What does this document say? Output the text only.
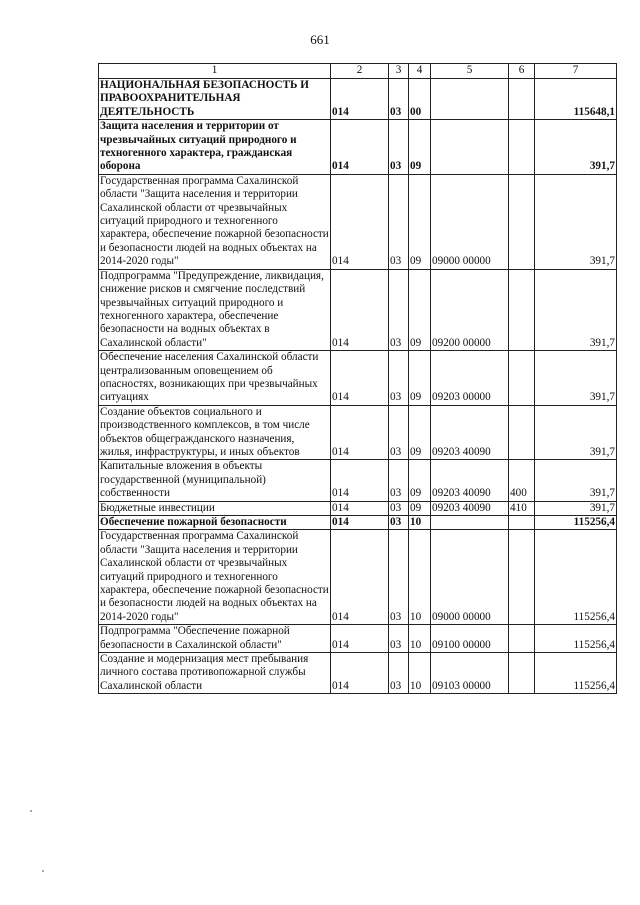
661
1	2	3	4	5	6	7
НАЦИОНАЛЬНАЯ БЕЗОПАСНОСТЬ И ПРАВООХРАНИТЕЛЬНАЯ ДЕЯТЕЛЬНОСТЬ	014	03	00			115648,1
Защита населения и территории от чрезвычайных ситуаций природного и техногенного характера, гражданская оборона	014	03	09			391,7
Государственная программа Сахалинской области "Защита населения и территории Сахалинской области от чрезвычайных ситуаций природного и техногенного характера, обеспечение пожарной безопасности и безопасности людей на водных объектах на 2014-2020 годы"	014	03	09	09000 00000		391,7
Подпрограмма "Предупреждение, ликвидация, снижение рисков и смягчение последствий чрезвычайных ситуаций природного и техногенного характера, обеспечение безопасности на водных объектах в Сахалинской области"	014	03	09	09200 00000		391,7
Обеспечение населения Сахалинской области централизованным оповещением об опасностях, возникающих при чрезвычайных ситуациях	014	03	09	09203 00000		391,7
Создание объектов социального и производственного комплексов, в том числе объектов общегражданского назначения, жилья, инфраструктуры, и иных объектов	014	03	09	09203 40090		391,7
Капитальные вложения в объекты государственной (муниципальной) собственности	014	03	09	09203 40090	400	391,7
Бюджетные инвестиции	014	03	09	09203 40090	410	391,7
Обеспечение пожарной безопасности	014	03	10			115256,4
Государственная программа Сахалинской области "Защита населения и территории Сахалинской области от чрезвычайных ситуаций природного и техногенного характера, обеспечение пожарной безопасности и безопасности людей на водных объектах на 2014-2020 годы"	014	03	10	09000 00000		115256,4
Подпрограмма "Обеспечение пожарной безопасности в Сахалинской области"	014	03	10	09100 00000		115256,4
Создание и модернизация мест пребывания личного состава противопожарной службы Сахалинской области	014	03	10	09103 00000		115256,4
